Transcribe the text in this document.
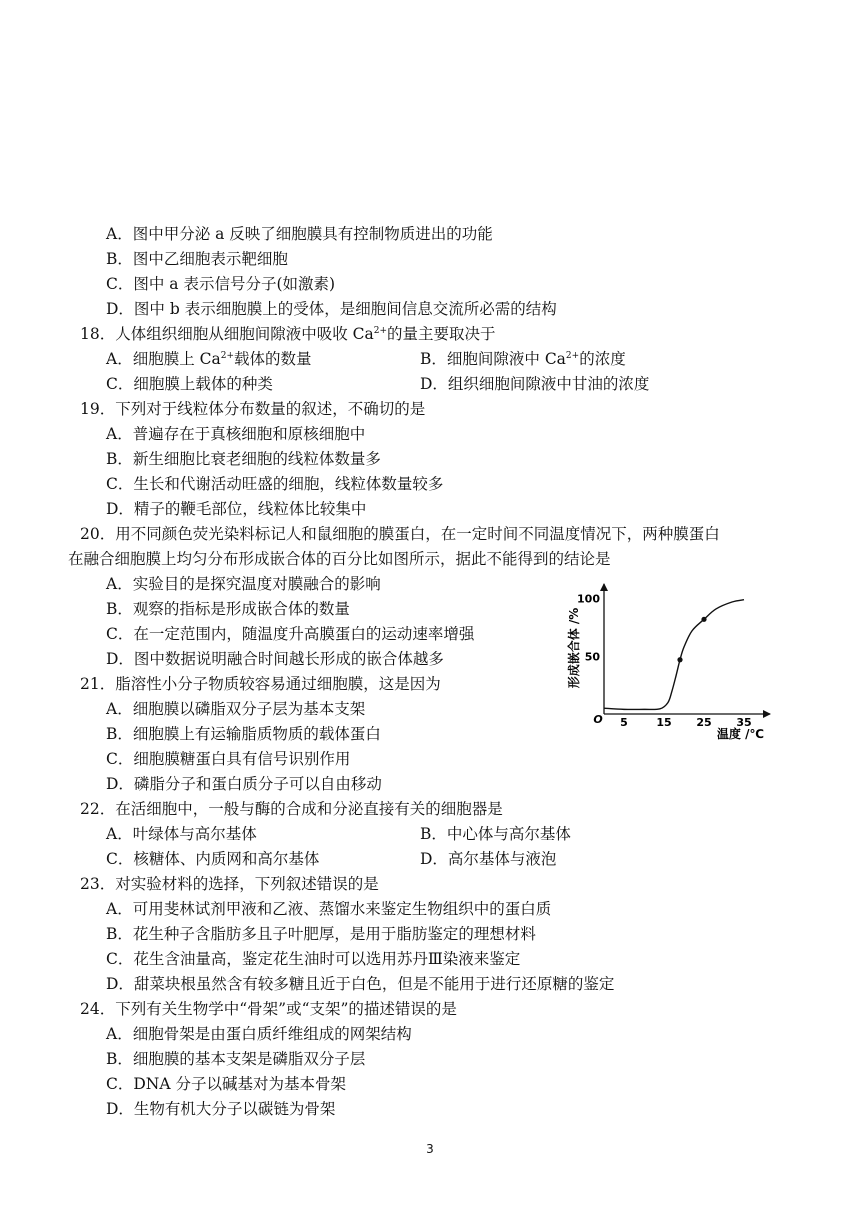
A．图中甲分泌 a 反映了细胞膜具有控制物质进出的功能
B．图中乙细胞表示靶细胞
C．图中 a 表示信号分子(如激素)
D．图中 b 表示细胞膜上的受体，是细胞间信息交流所必需的结构
18．人体组织细胞从细胞间隙液中吸收 $Ca^{2+}$的量主要取决于
A．细胞膜上 $Ca^{2+}$载体的数量	B．细胞间隙液中 $Ca^{2+}$的浓度
C．细胞膜上载体的种类	D．组织细胞间隙液中甘油的浓度
19．下列对于线粒体分布数量的叙述，不确切的是
A．普遍存在于真核细胞和原核细胞中
B．新生细胞比衰老细胞的线粒体数量多
C．生长和代谢活动旺盛的细胞，线粒体数量较多
D．精子的鞭毛部位，线粒体比较集中
20．用不同颜色荧光染料标记人和鼠细胞的膜蛋白，在一定时间不同温度情况下，两种膜蛋白
在融合细胞膜上均匀分布形成嵌合体的百分比如图所示，据此不能得到的结论是
A．实验目的是探究温度对膜融合的影响
B．观察的指标是形成嵌合体的数量
C．在一定范围内，随温度升高膜蛋白的运动速率增强
D．图中数据说明融合时间越长形成的嵌合体越多
21．脂溶性小分子物质较容易通过细胞膜，这是因为
A．细胞膜以磷脂双分子层为基本支架
B．细胞膜上有运输脂质物质的载体蛋白
C．细胞膜糖蛋白具有信号识别作用
D．磷脂分子和蛋白质分子可以自由移动
22．在活细胞中，一般与酶的合成和分泌直接有关的细胞器是
A．叶绿体与高尔基体	B．中心体与高尔基体
C．核糖体、内质网和高尔基体	D．高尔基体与液泡
23．对实验材料的选择，下列叙述错误的是
A．可用斐林试剂甲液和乙液、蒸馏水来鉴定生物组织中的蛋白质
B．花生种子含脂肪多且子叶肥厚，是用于脂肪鉴定的理想材料
C．花生含油量高，鉴定花生油时可以选用苏丹Ⅲ染液来鉴定
D．甜菜块根虽然含有较多糖且近于白色，但是不能用于进行还原糖的鉴定
24．下列有关生物学中“骨架”或“支架”的描述错误的是
A．细胞骨架是由蛋白质纤维组成的网架结构
B．细胞膜的基本支架是磷脂双分子层
C．DNA 分子以碱基对为基本骨架
D．生物有机大分子以碳链为骨架
5	15 25 35
50
100
O
温度 /℃
形成嵌合体 /%
3
